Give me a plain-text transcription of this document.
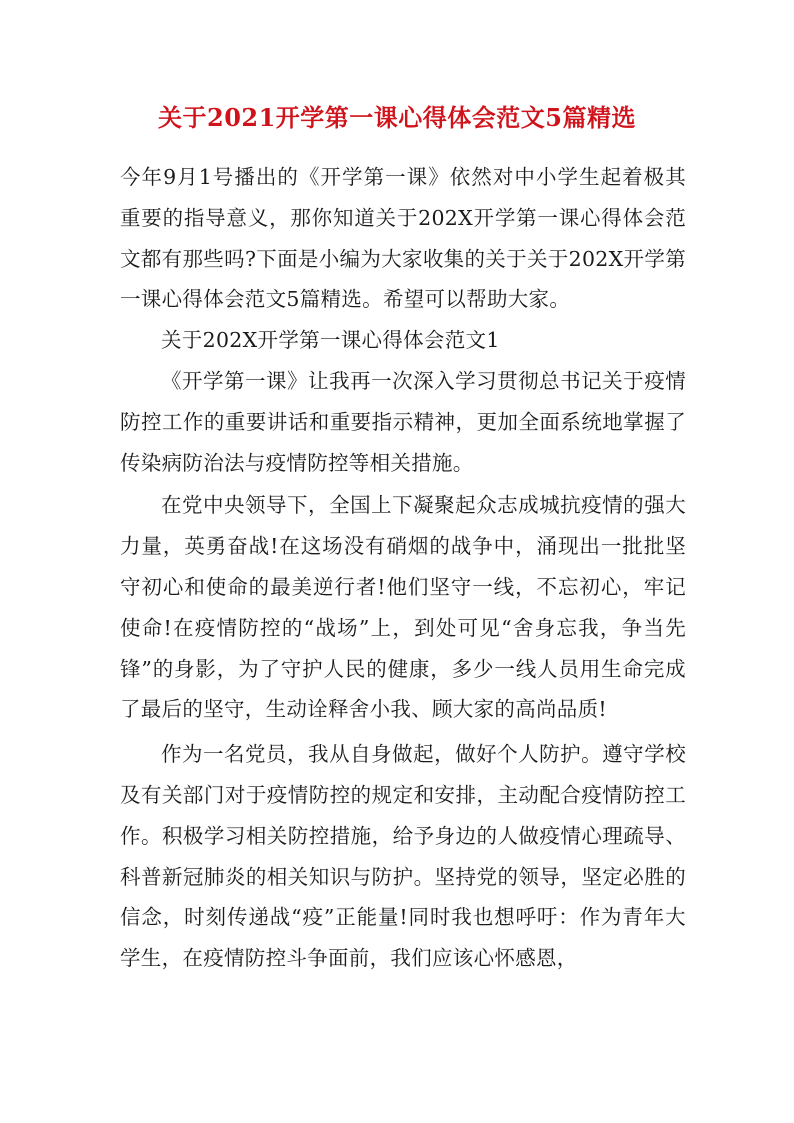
关于2021开学第一课心得体会范文5篇精选

今年9月1号播出的《开学第一课》依然对中小学生起着极其重要的指导意义，那你知道关于202X开学第一课心得体会范文都有那些吗?下面是小编为大家收集的关于关于202X开学第一课心得体会范文5篇精选。希望可以帮助大家。

关于202X开学第一课心得体会范文1

《开学第一课》让我再一次深入学习贯彻总书记关于疫情防控工作的重要讲话和重要指示精神，更加全面系统地掌握了传染病防治法与疫情防控等相关措施。

在党中央领导下，全国上下凝聚起众志成城抗疫情的强大力量，英勇奋战!在这场没有硝烟的战争中，涌现出一批批坚守初心和使命的最美逆行者!他们坚守一线，不忘初心，牢记使命!在疫情防控的“战场”上，到处可见“舍身忘我，争当先锋”的身影，为了守护人民的健康，多少一线人员用生命完成了最后的坚守，生动诠释舍小我、顾大家的高尚品质!

作为一名党员，我从自身做起，做好个人防护。遵守学校及有关部门对于疫情防控的规定和安排，主动配合疫情防控工作。积极学习相关防控措施，给予身边的人做疫情心理疏导、科普新冠肺炎的相关知识与防护。坚持党的领导，坚定必胜的信念，时刻传递战“疫”正能量!同时我也想呼吁：作为青年大学生，在疫情防控斗争面前，我们应该心怀感恩，
